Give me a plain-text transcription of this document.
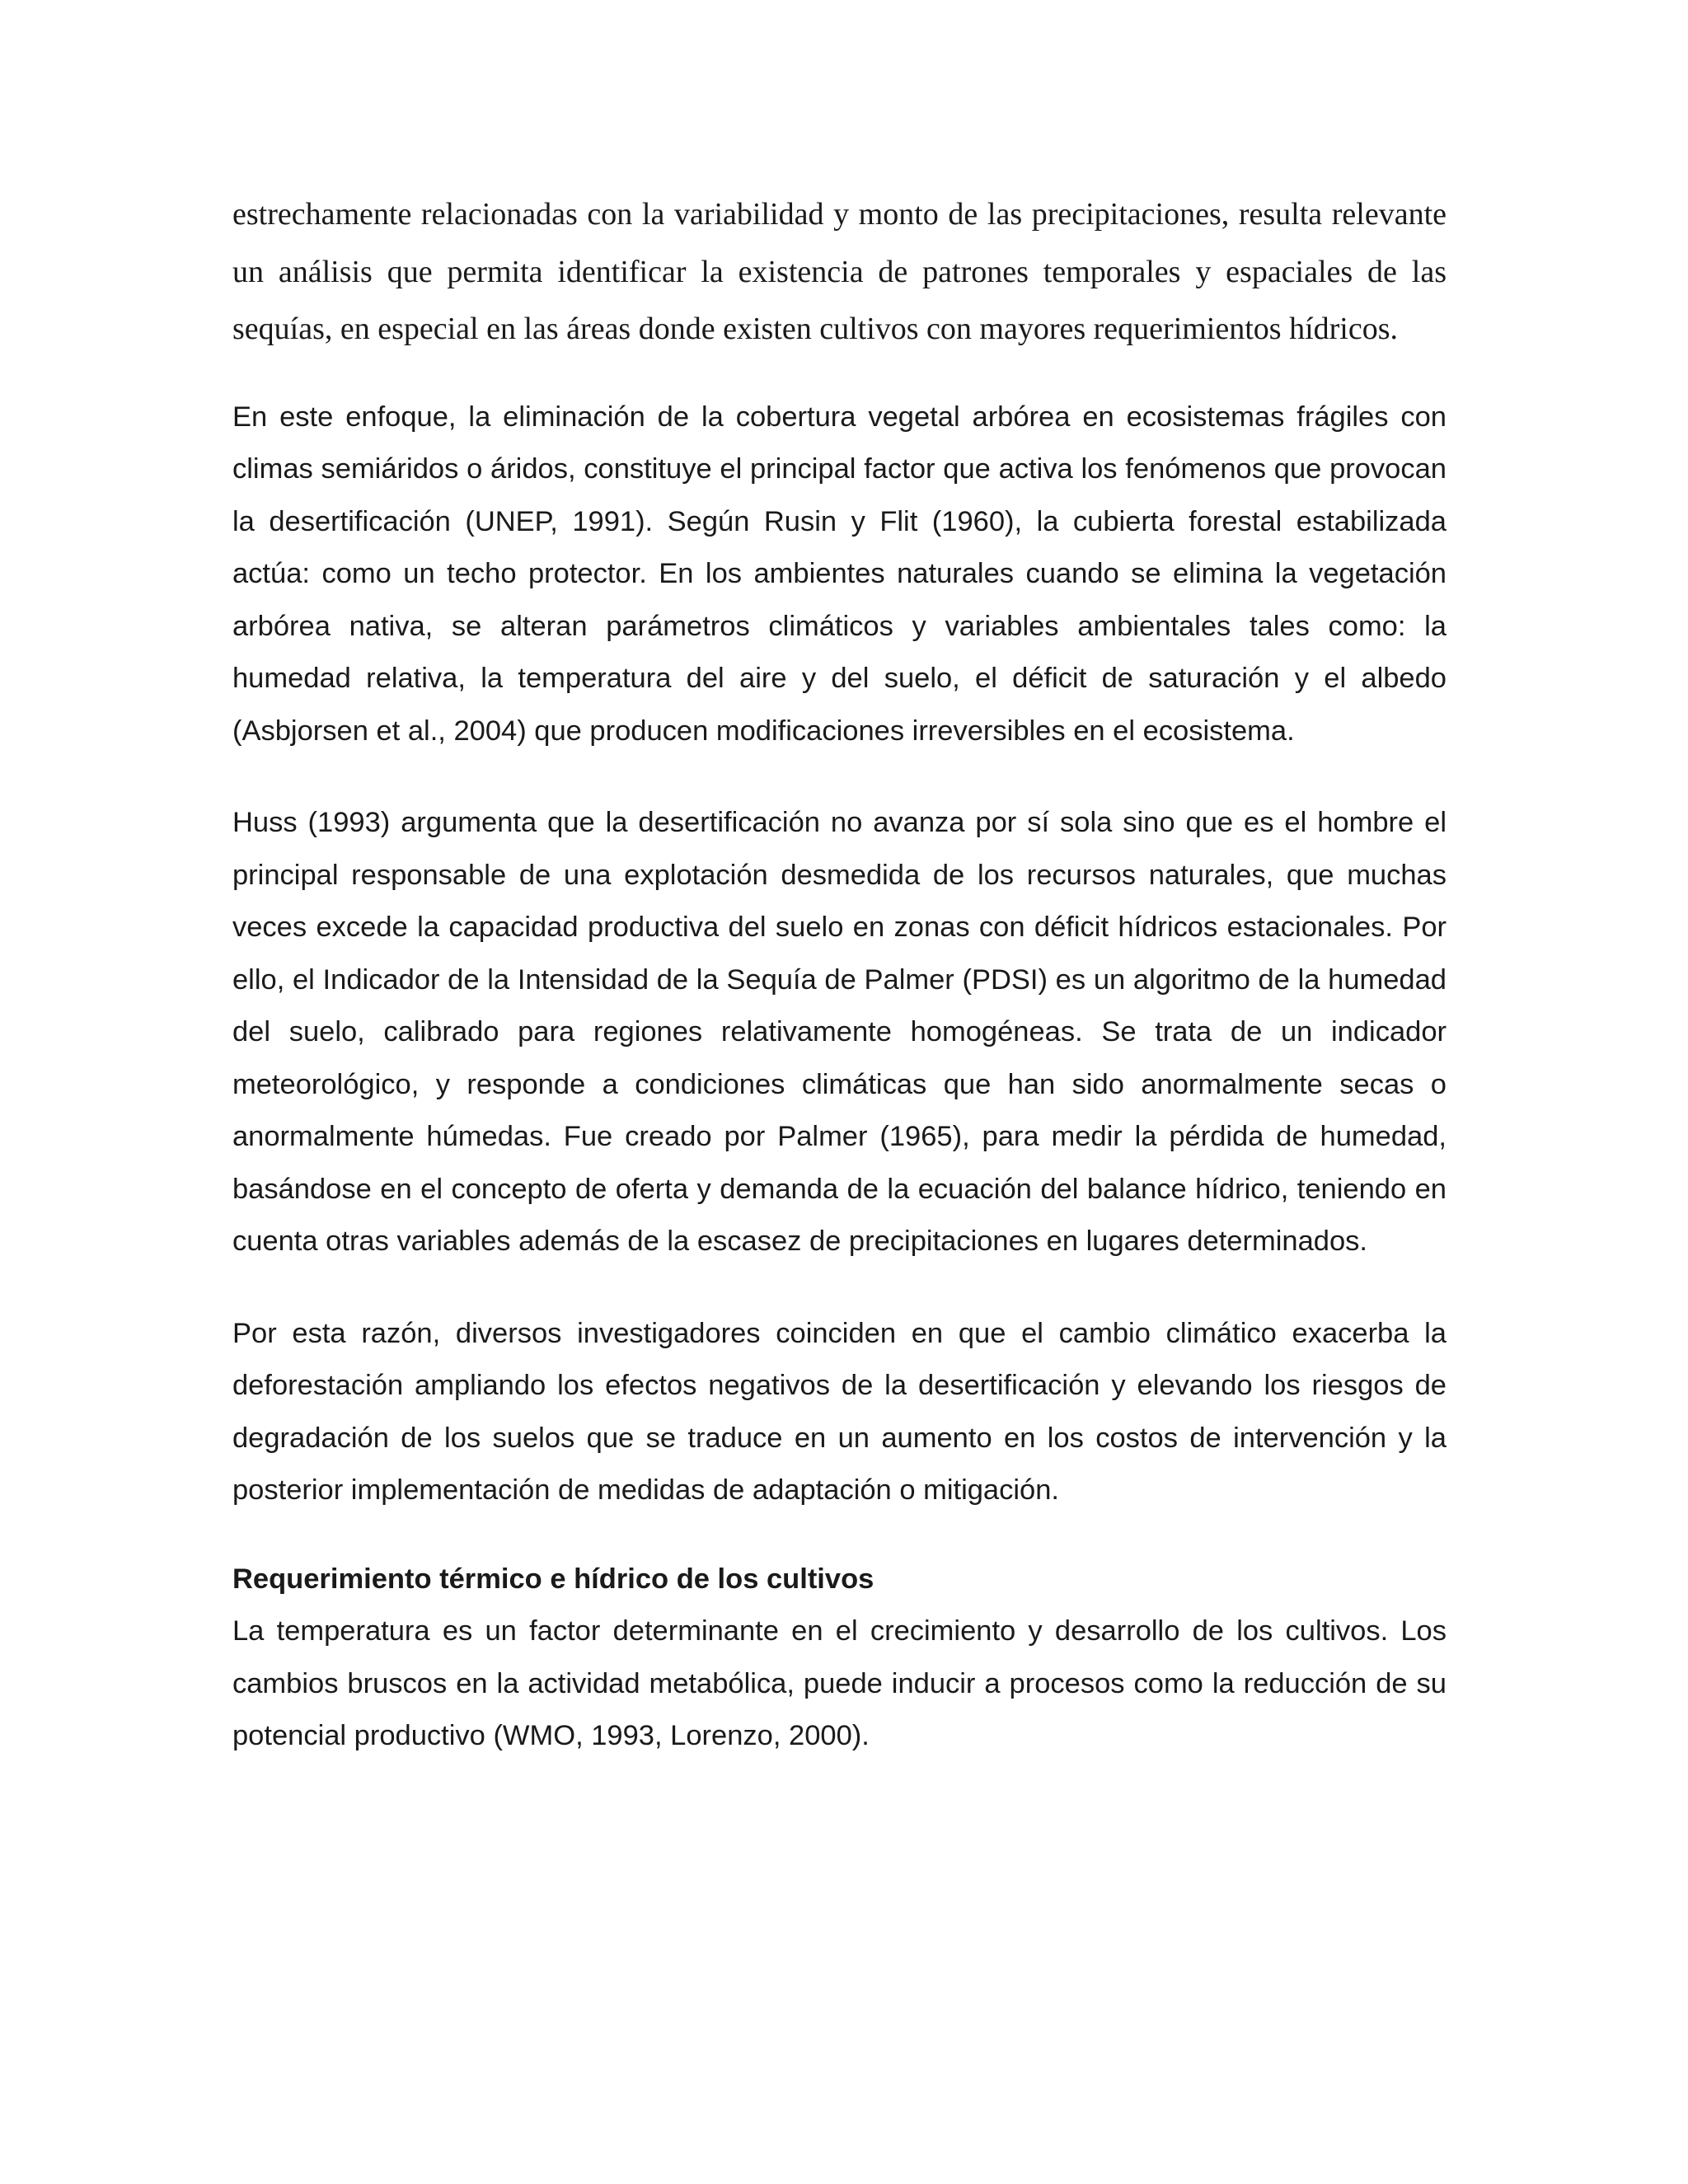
estrechamente relacionadas con la variabilidad y monto de las precipitaciones, resulta relevante un análisis que permita identificar la existencia de patrones temporales y espaciales de las sequías, en especial en las áreas donde existen cultivos con mayores requerimientos hídricos.

En este enfoque, la eliminación de la cobertura vegetal arbórea en ecosistemas frágiles con climas semiáridos o áridos, constituye el principal factor que activa los fenómenos que provocan la desertificación (UNEP, 1991). Según Rusin y Flit (1960), la cubierta forestal estabilizada actúa: como un techo protector. En los ambientes naturales cuando se elimina la vegetación arbórea nativa, se alteran parámetros climáticos y variables ambientales tales como: la humedad relativa, la temperatura del aire y del suelo, el déficit de saturación y el albedo (Asbjorsen et al., 2004) que producen modificaciones irreversibles en el ecosistema.

Huss (1993) argumenta que la desertificación no avanza por sí sola sino que es el hombre el principal responsable de una explotación desmedida de los recursos naturales, que muchas veces excede la capacidad productiva del suelo en zonas con déficit hídricos estacionales. Por ello, el Indicador de la Intensidad de la Sequía de Palmer (PDSI) es un algoritmo de la humedad del suelo, calibrado para regiones relativamente homogéneas. Se trata de un indicador meteorológico, y responde a condiciones climáticas que han sido anormalmente secas o anormalmente húmedas. Fue creado por Palmer (1965), para medir la pérdida de humedad, basándose en el concepto de oferta y demanda de la ecuación del balance hídrico, teniendo en cuenta otras variables además de la escasez de precipitaciones en lugares determinados.

Por esta razón, diversos investigadores coinciden en que el cambio climático exacerba la deforestación ampliando los efectos negativos de la desertificación y elevando los riesgos de degradación de los suelos que se traduce en un aumento en los costos de intervención y la posterior implementación de medidas de adaptación o mitigación.

Requerimiento térmico e hídrico de los cultivos

La temperatura es un factor determinante en el crecimiento y desarrollo de los cultivos. Los cambios bruscos en la actividad metabólica, puede inducir a procesos como la reducción de su potencial productivo (WMO, 1993, Lorenzo, 2000).
